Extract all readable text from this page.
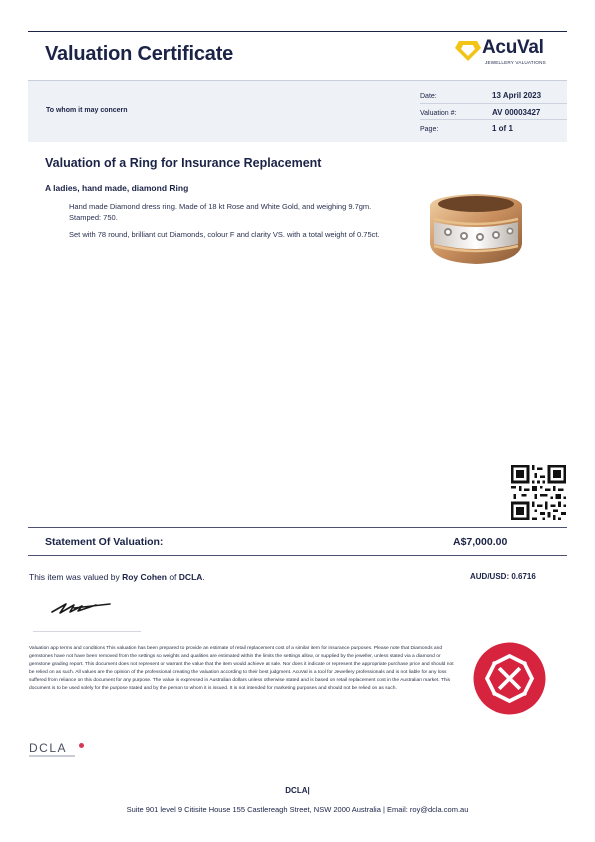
Valuation Certificate	AcuVal
JEWELLERY VALUATIONS
To whom it may concern
Date:	13 April 2023
Valuation #:	AV 00003427
Page:	1 of 1
Valuation of a Ring for Insurance Replacement
A ladies, hand made, diamond Ring
Hand made Diamond dress ring. Made of 18 kt Rose and White Gold, and weighing 9.7gm. Stamped: 750.
Set with 78 round, brilliant cut Diamonds, colour F and clarity VS. with a total weight of 0.75ct.
Statement Of Valuation:	A$7,000.00
This item was valued by Roy Cohen of DCLA.	AUD/USD: 0.6716
Valuation app terms and conditions This valuation has been prepared to provide an estimate of retail replacement cost of a similar item for insurance purposes. Please note that Diamonds and gemstones have not have been removed from the settings so weights and qualities are estimated within the limits the settings allow, or supplied by the jeweller, unless stated via a diamond or gemstone grading report. This document does not represent or warrant the value that the item would achieve at sale. Nor does it indicate or represent the appropriate purchase price and should not be relied on as such. All values are the opinion of the professional creating the valuation according to their best judgment. AcuVal is a tool for Jewellery professionals and is not liable for any loss suffered from reliance on this document for any purpose. The value is expressed in Australian dollars unless otherwise stated and is based on retail replacement cost in the Australian market. This document is to be used solely for the purpose stated and by the person to whom it is issued. It is not intended for marketing purposes and should not be relied on as such.
DCLA
DCLA|
Suite 901 level 9 Citisite House 155 Castlereagh Street, NSW 2000 Australia | Email: roy@dcla.com.au
